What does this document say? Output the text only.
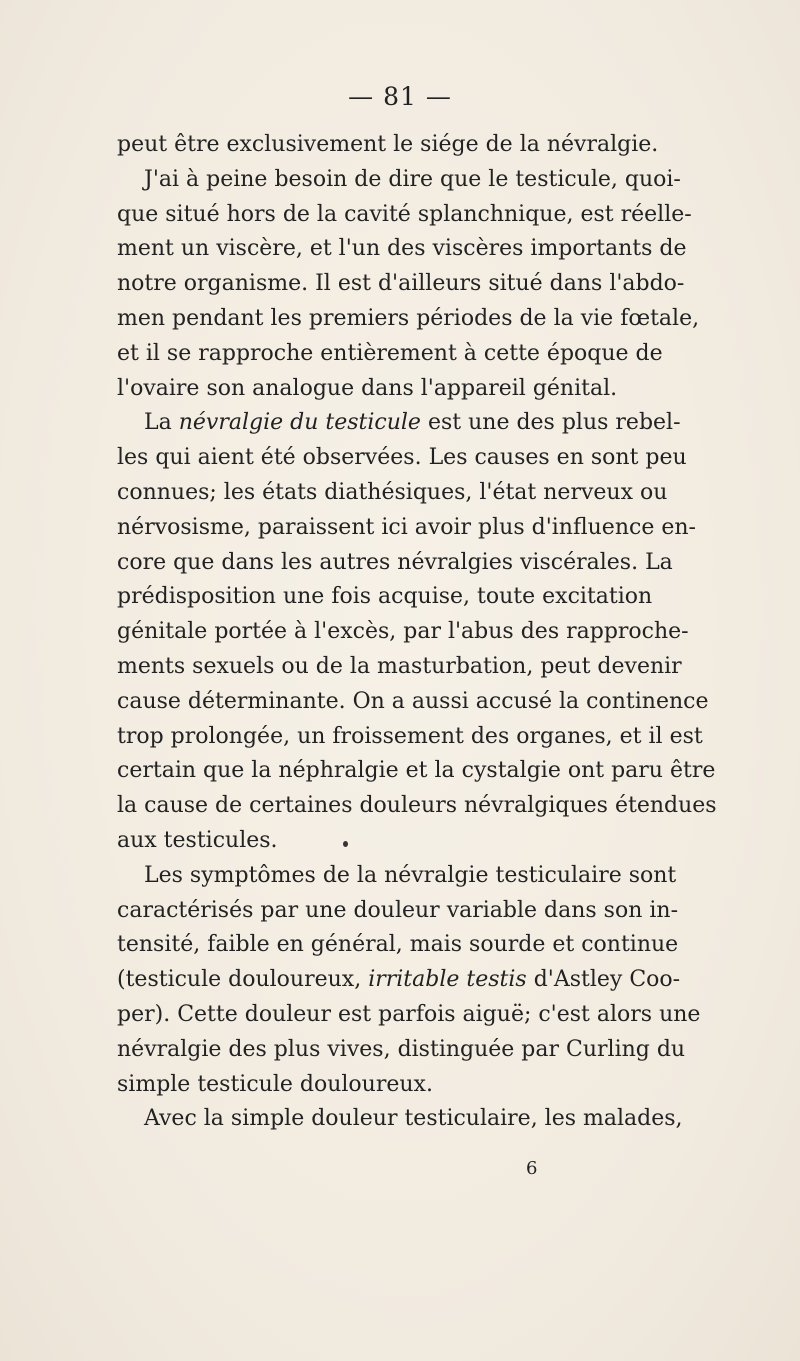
— 81 —
peut être exclusivement le siége de la névralgie.
J'ai à peine besoin de dire que le testicule, quoi-
que situé hors de la cavité splanchnique, est réelle-
ment un viscère, et l'un des viscères importants de
notre organisme. Il est d'ailleurs situé dans l'abdo-
men pendant les premiers périodes de la vie fœtale,
et il se rapproche entièrement à cette époque de
l'ovaire son analogue dans l'appareil génital.
La névralgie du testicule est une des plus rebel-
les qui aient été observées. Les causes en sont peu
connues; les états diathésiques, l'état nerveux ou
nérvosisme, paraissent ici avoir plus d'influence en-
core que dans les autres névralgies viscérales. La
prédisposition une fois acquise, toute excitation
génitale portée à l'excès, par l'abus des rapproche-
ments sexuels ou de la masturbation, peut devenir
cause déterminante. On a aussi accusé la continence
trop prolongée, un froissement des organes, et il est
certain que la néphralgie et la cystalgie ont paru être
la cause de certaines douleurs névralgiques étendues
aux testicules.
Les symptômes de la névralgie testiculaire sont
caractérisés par une douleur variable dans son in-
tensité, faible en général, mais sourde et continue
(testicule douloureux, irritable testis d'Astley Coo-
per). Cette douleur est parfois aiguë; c'est alors une
névralgie des plus vives, distinguée par Curling du
simple testicule douloureux.
Avec la simple douleur testiculaire, les malades,
6
